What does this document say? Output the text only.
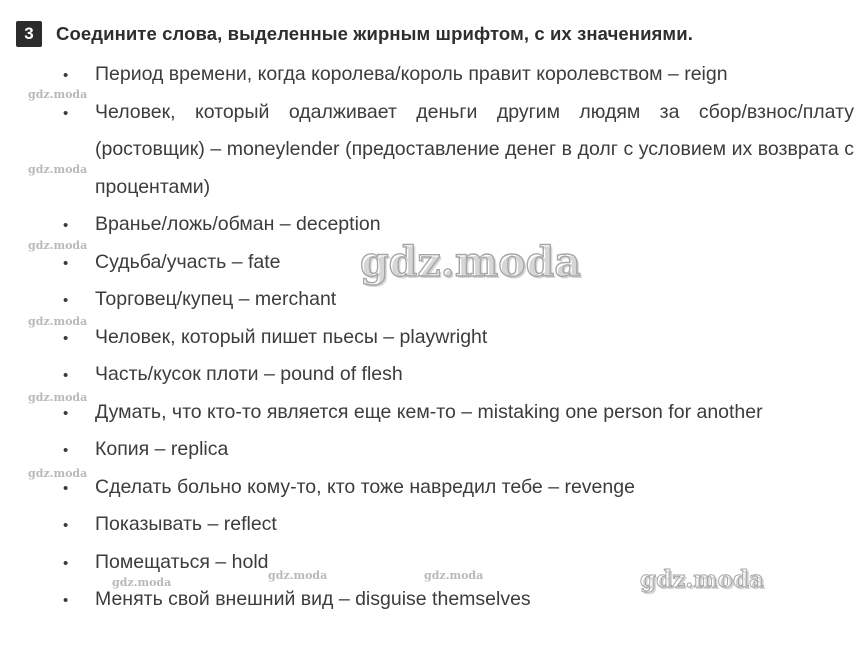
3	Соедините слова, выделенные жирным шрифтом, с их значениями.
• Период времени, когда королева/король правит королевством – reign
• Человек, который одалживает деньги другим людям за сбор/взнос/плату (ростовщик) – moneylender (предоставление денег в долг с условием их возврата с процентами)
• Вранье/ложь/обман – deception
• Судьба/участь – fate
• Торговец/купец – merchant
• Человек, который пишет пьесы – playwright
• Часть/кусок плоти – pound of flesh
• Думать, что кто-то является еще кем-то – mistaking one person for another
• Копия – replica
• Сделать больно кому-то, кто тоже навредил тебе – revenge
• Показывать – reflect
• Помещаться – hold
• Менять свой внешний вид – disguise themselves
gdz.moda
gdz.moda
gdz.moda
gdz.moda
gdz.moda
gdz.moda
gdz.moda
gdz.moda	gdz.moda
gdz.moda
gdz.moda
